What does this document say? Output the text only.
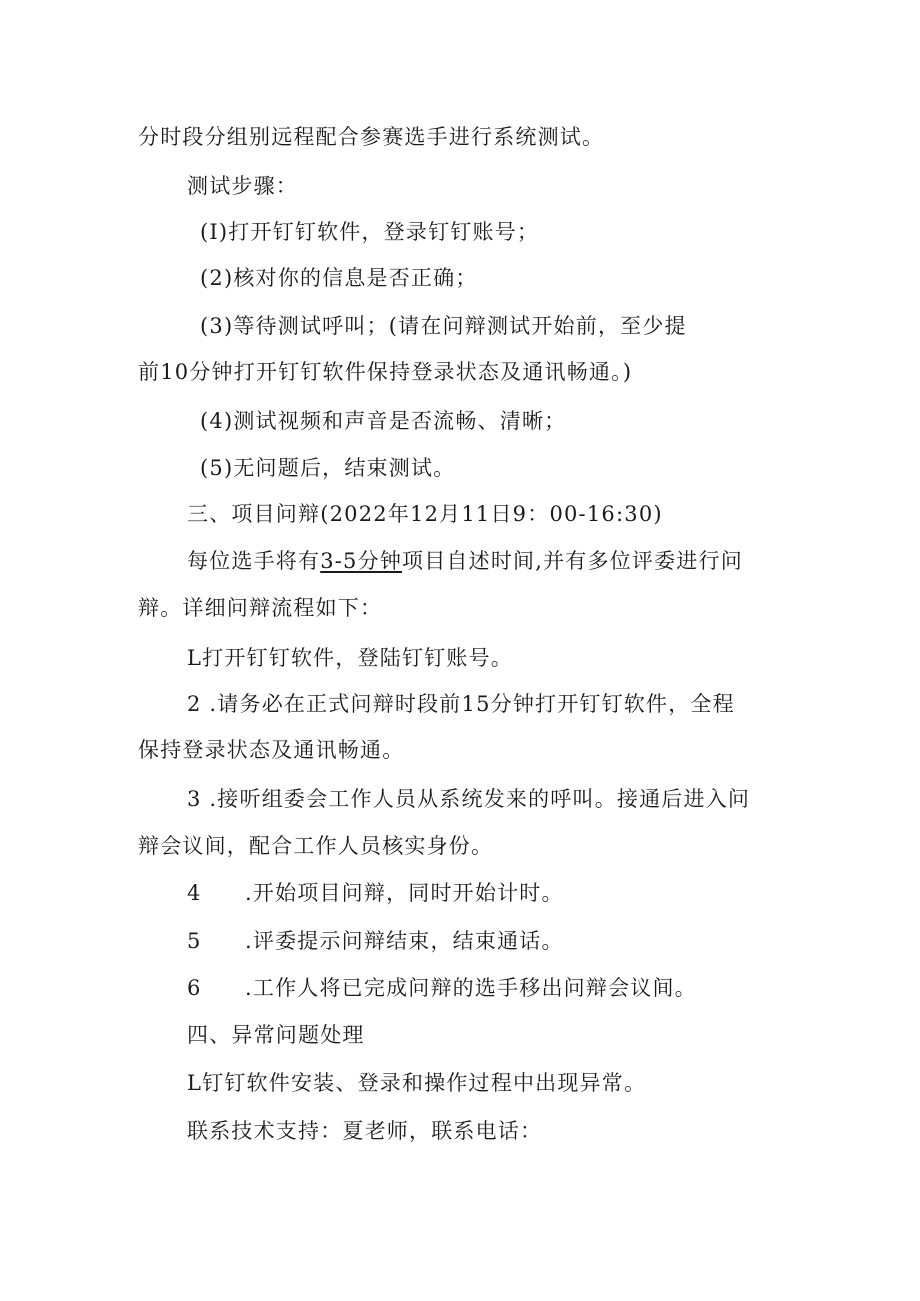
分时段分组别远程配合参赛选手进行系统测试。
测试步骤：
(I)打开钉钉软件，登录钉钉账号；
(2)核对你的信息是否正确；
(3)等待测试呼叫；(请在问辩测试开始前，至少提
前10分钟打开钉钉软件保持登录状态及通讯畅通。)
(4)测试视频和声音是否流畅、清晰；
(5)无问题后，结束测试。
三、项目问辩(2022年12月11日9：00-16:30)
每位选手将有3-5分钟项目自述时间,并有多位评委进行问
辩。详细问辩流程如下：
L打开钉钉软件，登陆钉钉账号。
2 .请务必在正式问辩时段前15分钟打开钉钉软件，全程
保持登录状态及通讯畅通。
3 .接听组委会工作人员从系统发来的呼叫。接通后进入问
辩会议间，配合工作人员核实身份。
4 .开始项目问辩，同时开始计时。
5 .评委提示问辩结束，结束通话。
6 .工作人将已完成问辩的选手移出问辩会议间。
四、异常问题处理
L钉钉软件安装、登录和操作过程中出现异常。
联系技术支持：夏老师，联系电话：
